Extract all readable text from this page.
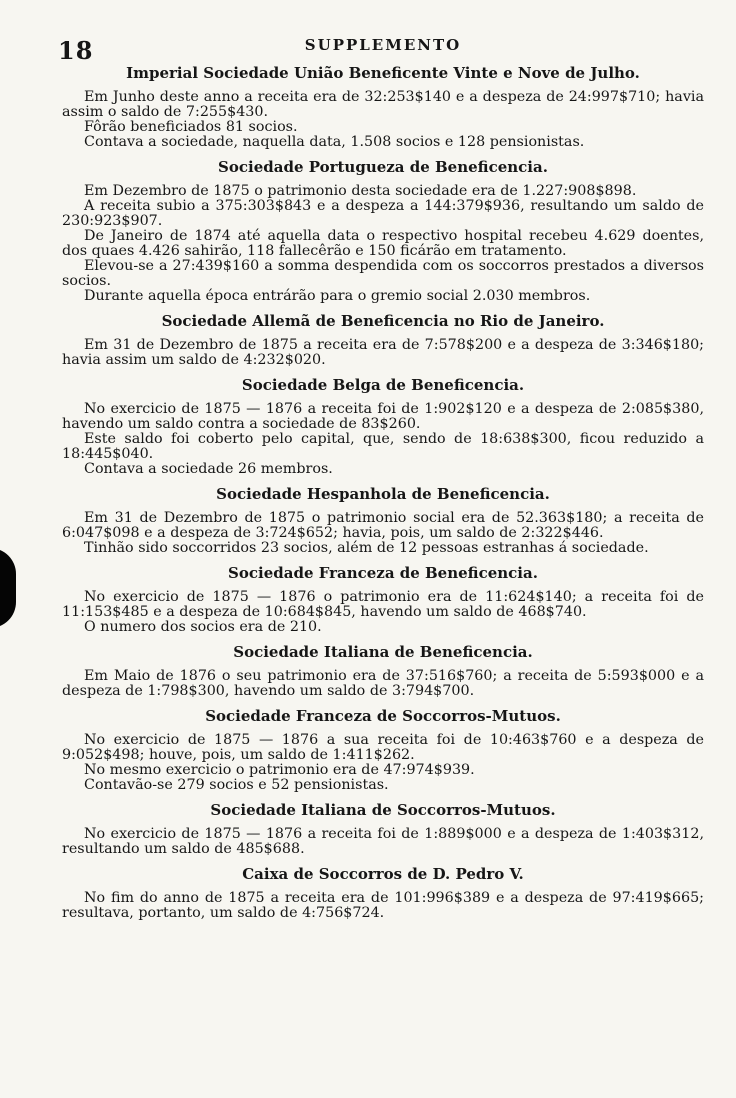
18	SUPPLEMENTO
Imperial Sociedade União Beneficente Vinte e Nove de Julho.

Em Junho deste anno a receita era de 32:253$140 e a despeza de 24:997$710; havia assim o saldo de 7:255$430.

Fôrão beneficiados 81 socios.

Contava a sociedade, naquella data, 1.508 socios e 128 pensionistas.

Sociedade Portugueza de Beneficencia.

Em Dezembro de 1875 o patrimonio desta sociedade era de 1.227:908$898.

A receita subio a 375:303$843 e a despeza a 144:379$936, resultando um saldo de 230:923$907.

De Janeiro de 1874 até aquella data o respectivo hospital recebeu 4.629 doentes, dos quaes 4.426 sahirão, 118 fallecêrão e 150 ficárão em tratamento.

Elevou-se a 27:439$160 a somma despendida com os soccorros prestados a diversos socios.

Durante aquella época entrárão para o gremio social 2.030 membros.

Sociedade Allemã de Beneficencia no Rio de Janeiro.

Em 31 de Dezembro de 1875 a receita era de 7:578$200 e a despeza de 3:346$180; havia assim um saldo de 4:232$020.

Sociedade Belga de Beneficencia.

No exercicio de 1875 — 1876 a receita foi de 1:902$120 e a despeza de 2:085$380, havendo um saldo contra a sociedade de 83$260.

Este saldo foi coberto pelo capital, que, sendo de 18:638$300, ficou reduzido a 18:445$040.

Contava a sociedade 26 membros.

Sociedade Hespanhola de Beneficencia.

Em 31 de Dezembro de 1875 o patrimonio social era de 52.363$180; a receita de 6:047$098 e a despeza de 3:724$652; havia, pois, um saldo de 2:322$446.

Tinhão sido soccorridos 23 socios, além de 12 pessoas estranhas á sociedade.

Sociedade Franceza de Beneficencia.

No exercicio de 1875 — 1876 o patrimonio era de 11:624$140; a receita foi de 11:153$485 e a despeza de 10:684$845, havendo um saldo de 468$740.

O numero dos socios era de 210.

Sociedade Italiana de Beneficencia.

Em Maio de 1876 o seu patrimonio era de 37:516$760; a receita de 5:593$000 e a despeza de 1:798$300, havendo um saldo de 3:794$700.

Sociedade Franceza de Soccorros-Mutuos.

No exercicio de 1875 — 1876 a sua receita foi de 10:463$760 e a despeza de 9:052$498; houve, pois, um saldo de 1:411$262.

No mesmo exercicio o patrimonio era de 47:974$939.

Contavão-se 279 socios e 52 pensionistas.

Sociedade Italiana de Soccorros-Mutuos.

No exercicio de 1875 — 1876 a receita foi de 1:889$000 e a despeza de 1:403$312, resultando um saldo de 485$688.

Caixa de Soccorros de D. Pedro V.

No fim do anno de 1875 a receita era de 101:996$389 e a despeza de 97:419$665; resultava, portanto, um saldo de 4:756$724.
